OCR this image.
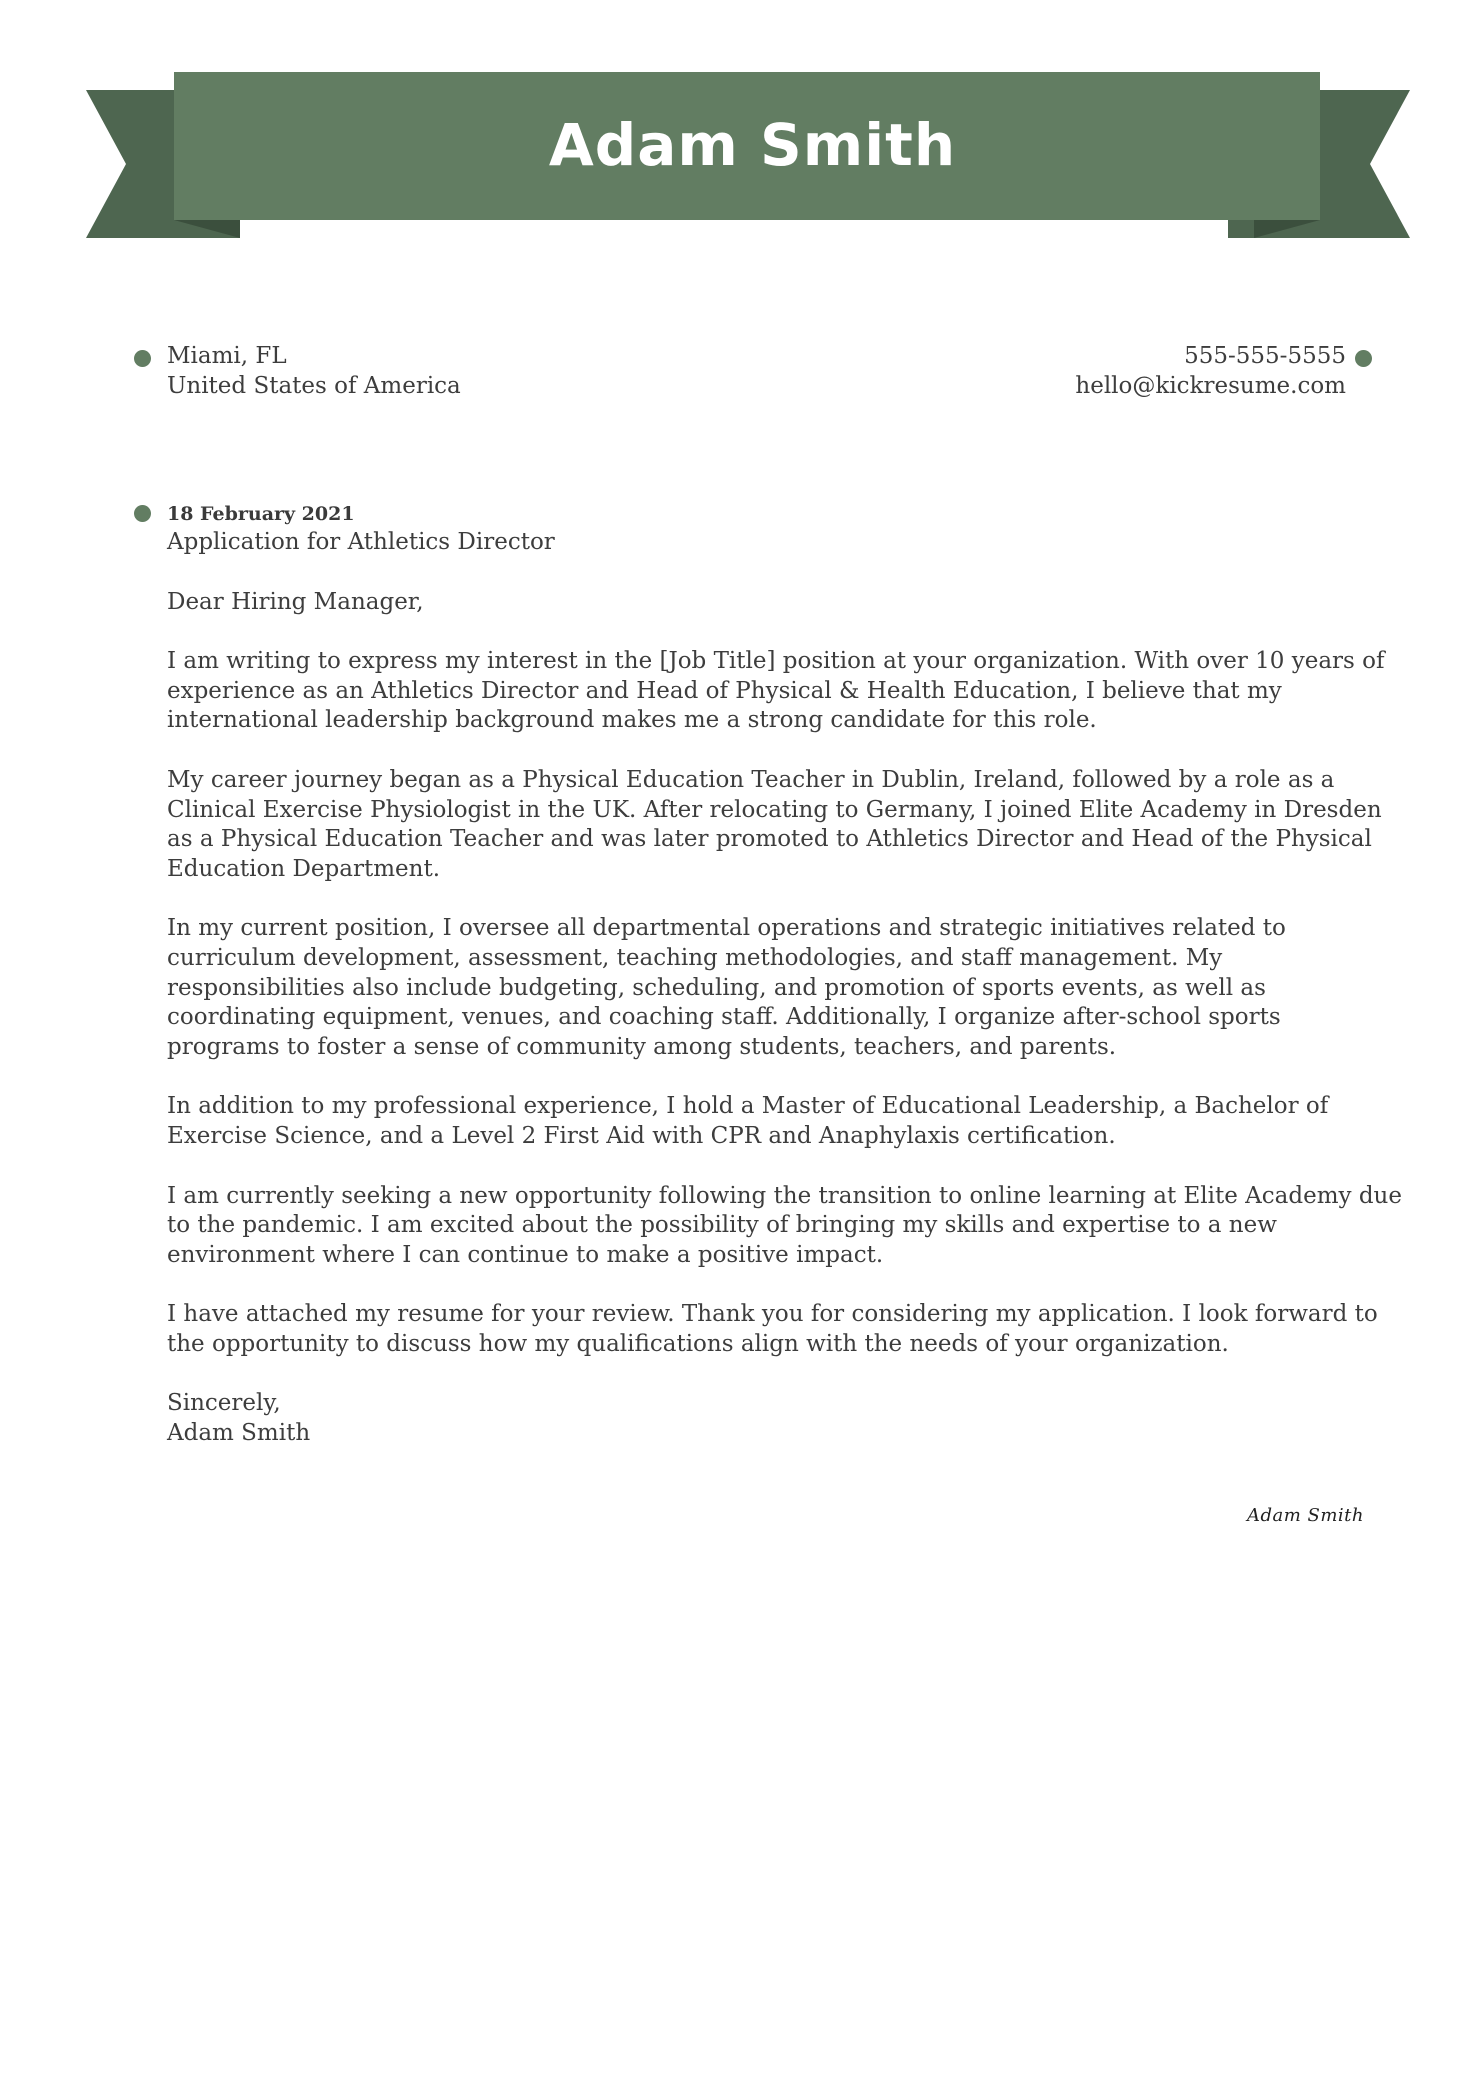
Adam Smith
Miami, FL
United States of America
555-555-5555
hello@kickresume.com
18 February 2021
Application for Athletics Director
Dear Hiring Manager,
I am writing to express my interest in the [Job Title] position at your organization. With over 10 years of
experience as an Athletics Director and Head of Physical & Health Education, I believe that my
international leadership background makes me a strong candidate for this role.
My career journey began as a Physical Education Teacher in Dublin, Ireland, followed by a role as a
Clinical Exercise Physiologist in the UK. After relocating to Germany, I joined Elite Academy in Dresden
as a Physical Education Teacher and was later promoted to Athletics Director and Head of the Physical
Education Department.
In my current position, I oversee all departmental operations and strategic initiatives related to
curriculum development, assessment, teaching methodologies, and staff management. My
responsibilities also include budgeting, scheduling, and promotion of sports events, as well as
coordinating equipment, venues, and coaching staff. Additionally, I organize after-school sports
programs to foster a sense of community among students, teachers, and parents.
In addition to my professional experience, I hold a Master of Educational Leadership, a Bachelor of
Exercise Science, and a Level 2 First Aid with CPR and Anaphylaxis certification.
I am currently seeking a new opportunity following the transition to online learning at Elite Academy due
to the pandemic. I am excited about the possibility of bringing my skills and expertise to a new
environment where I can continue to make a positive impact.
I have attached my resume for your review. Thank you for considering my application. I look forward to
the opportunity to discuss how my qualifications align with the needs of your organization.
Sincerely,
Adam Smith
Adam Smith
